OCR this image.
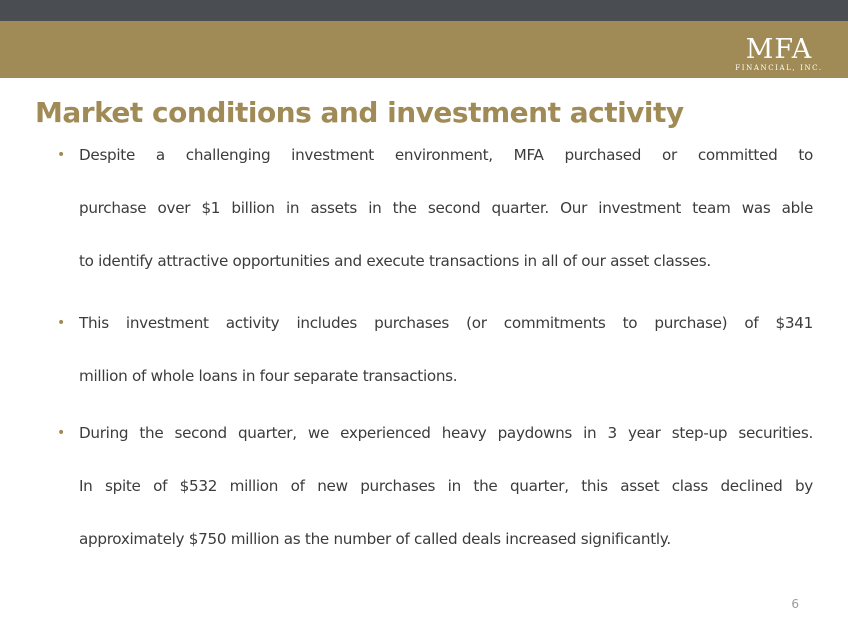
MFA
FINANCIAL, INC.
Market conditions and investment activity
• Despite a challenging investment environment, MFA purchased or committed to
purchase over $1 billion in assets in the second quarter. Our investment team was able
to identify attractive opportunities and execute transactions in all of our asset classes.
• This investment activity includes purchases (or commitments to purchase) of $341
million of whole loans in four separate transactions.
• During the second quarter, we experienced heavy paydowns in 3 year step-up securities.
In spite of $532 million of new purchases in the quarter, this asset class declined by
approximately $750 million as the number of called deals increased significantly.
6
